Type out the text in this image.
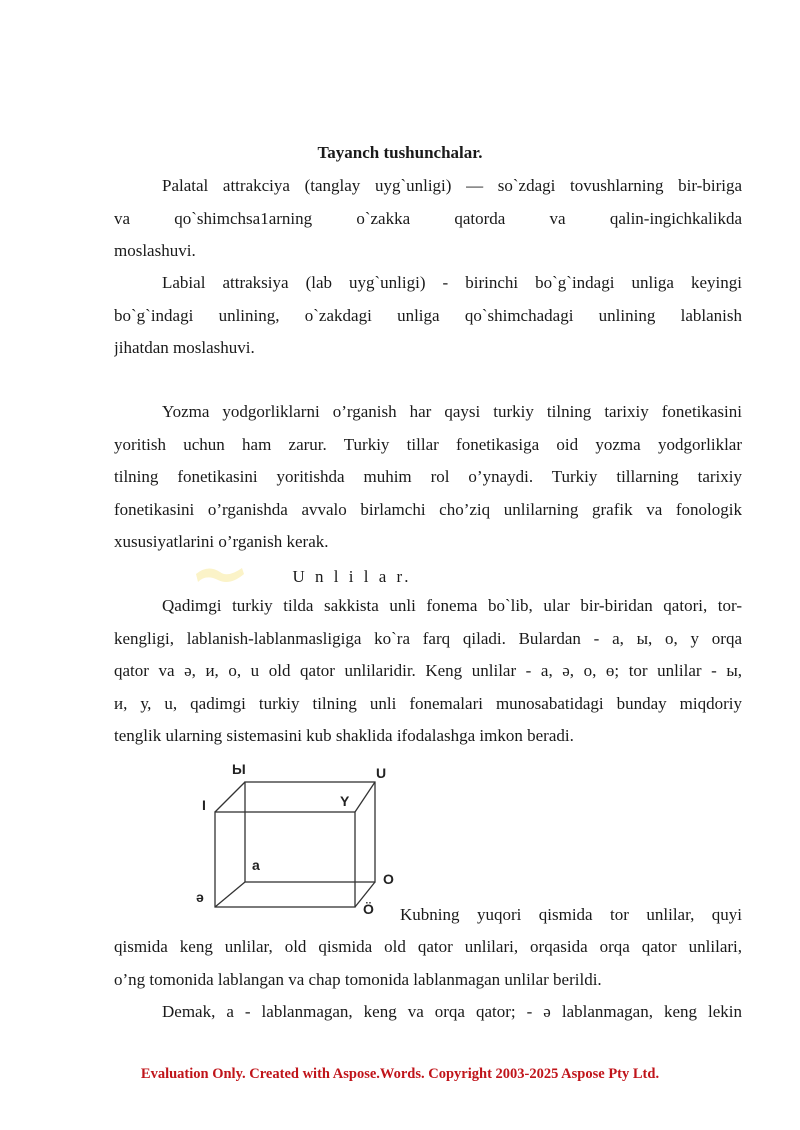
Tayanch tushunchalar.
Palatal attrakciya (tanglay uyg`unligi) — so`zdagi tovushlarning bir-biriga
va qo`shimchsa1arning o`zakka qatorda va qalin-ingichkalikda
moslashuvi.
Labial attraksiya (lab uyg`unligi) - birinchi bo`g`indagi unliga keyingi
bo`g`indagi unlining, o`zakdagi unliga qo`shimchadagi unlining lablanish
jihatdan moslashuvi.
Yozma yodgorliklarni o’rganish har qaysi turkiy tilning tarixiy fonetikasini
yoritish uchun ham zarur. Turkiy tillar fonetikasiga oid yozma yodgorliklar
tilning fonetikasini yoritishda muhim rol o’ynaydi. Turkiy tillarning tarixiy
fonetikasini o’rganishda avvalo birlamchi cho’ziq unlilarning grafik va fonologik
xususiyatlarini o’rganish kerak.
U n l i l a r.
Qadimgi turkiy tilda sakkista unli fonema bo`lib, ular bir-biridan qatori, tor-
kengligi, lablanish-lablanmasligiga ko`ra farq qiladi. Bulardan - a, ы, о, у orqa
qator va ә, и, о, u old qator unlilaridir. Keng unlilar - a, ә, о, ө; tor unlilar - ы,
и, у, u, qadimgi turkiy tilning unli fonemalari munosabatidagi bunday miqdoriy
tenglik ularning sistemasini kub shaklida ifodalashga imkon beradi.
Ы	U
I	Y
a
ə
O
Ö Kubning yuqori qismida tor unlilar, quyi
qismida keng unlilar, old qismida old qator unlilari, orqasida orqa qator unlilari,
o’ng tomonida lablangan va chap tomonida lablanmagan unlilar berildi.
Demak, a - lablanmagan, keng va orqa qator; - ə lablanmagan, keng lekin
Evaluation Only. Created with Aspose.Words. Copyright 2003-2025 Aspose Pty Ltd.
